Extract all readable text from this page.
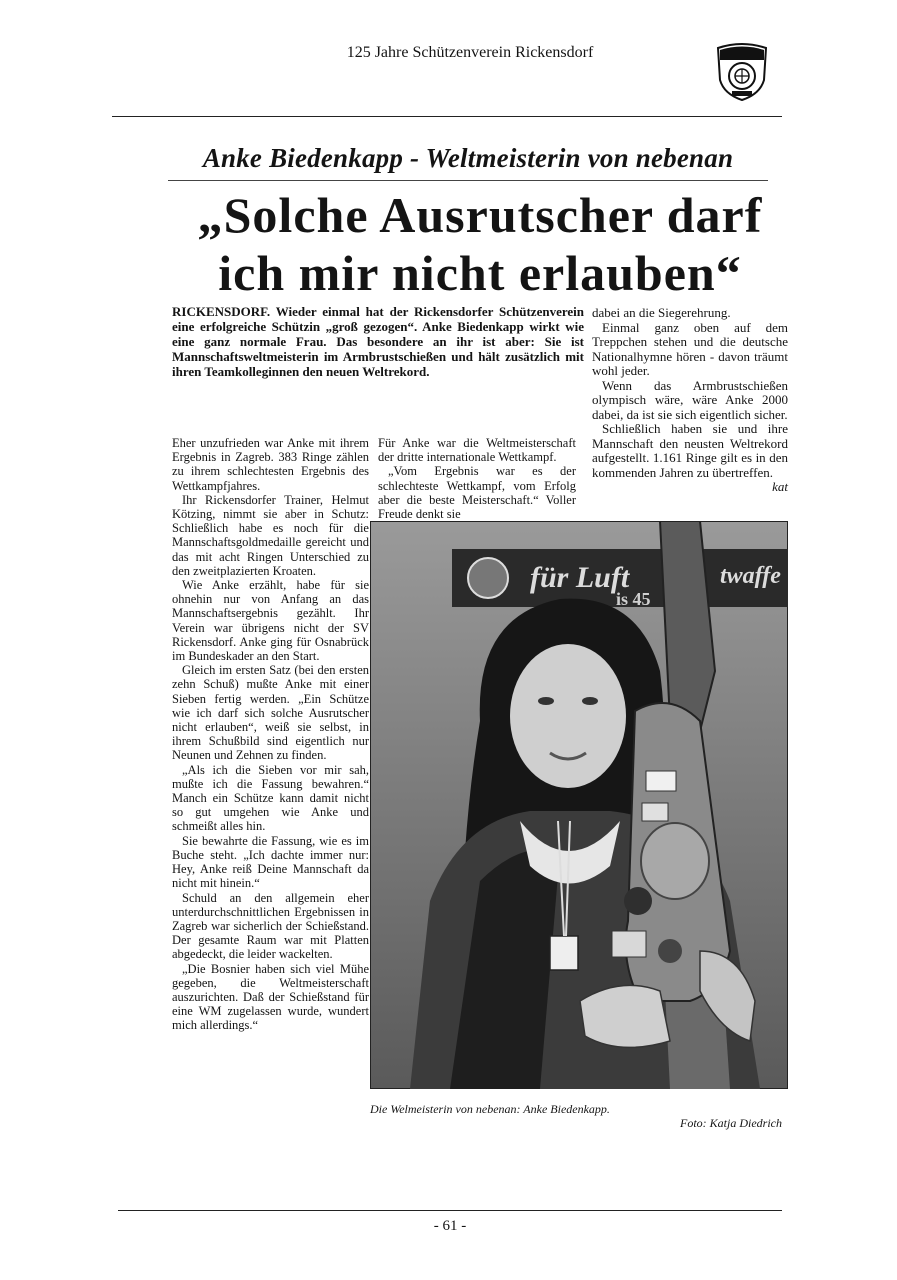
125 Jahre Schützenverein Rickensdorf
Anke Biedenkapp - Weltmeisterin von nebenan
„Solche Ausrutscher darf
ich mir nicht erlauben“
RICKENSDORF. Wieder einmal hat der Rickensdorfer Schützenverein eine erfolgreiche Schützin „groß gezogen“. Anke Biedenkapp wirkt wie eine ganz normale Frau. Das besondere an ihr ist aber: Sie ist Mannschaftsweltmeisterin im Armbrustschießen und hält zusätzlich mit ihren Teamkolleginnen den neuen Weltrekord.

Eher unzufrieden war Anke mit ihrem Ergebnis in Zagreb. 383 Ringe zählen zu ihrem schlechtesten Ergebnis des Wettkampfjahres.

Ihr Rickensdorfer Trainer, Helmut Kötzing, nimmt sie aber in Schutz: Schließlich habe es noch für die Mannschaftsgoldmedaille gereicht und das mit acht Ringen Unterschied zu den zweitplazierten Kroaten.

Wie Anke erzählt, habe für sie ohnehin nur von Anfang an das Mannschaftsergebnis gezählt. Ihr Verein war übrigens nicht der SV Rickensdorf. Anke ging für Osnabrück im Bundeskader an den Start.

Gleich im ersten Satz (bei den ersten zehn Schuß) mußte Anke mit einer Sieben fertig werden. „Ein Schütze wie ich darf sich solche Ausrutscher nicht erlauben“, weiß sie selbst, in ihrem Schußbild sind eigentlich nur Neunen und Zehnen zu finden.

„Als ich die Sieben vor mir sah, mußte ich die Fassung bewahren.“ Manch ein Schütze kann damit nicht so gut umgehen wie Anke und schmeißt alles hin.

Sie bewahrte die Fassung, wie es im Buche steht. „Ich dachte immer nur: Hey, Anke reiß Deine Mannschaft da nicht mit hinein.“

Schuld an den allgemein eher unterdurchschnittlichen Ergebnissen in Zagreb war sicherlich der Schießstand. Der gesamte Raum war mit Platten abgedeckt, die leider wackelten.

„Die Bosnier haben sich viel Mühe gegeben, die Weltmeisterschaft auszurichten. Daß der Schießstand für eine WM zugelassen wurde, wundert mich allerdings.“

Für Anke war die Weltmeisterschaft der dritte internationale Wettkampf.

„Vom Ergebnis war es der schlechteste Wettkampf, vom Erfolg aber die beste Meisterschaft.“ Voller Freude denkt sie

dabei an die Siegerehrung.

Einmal ganz oben auf dem Treppchen stehen und die deutsche Nationalhymne hören - davon träumt wohl jeder.

Wenn das Armbrustschießen olympisch wäre, wäre Anke 2000 dabei, da ist sie sich eigentlich sicher.

Schließlich haben sie und ihre Mannschaft den neusten Weltrekord aufgestellt. 1.161 Ringe gilt es in den kommenden Jahren zu übertreffen.

kat
für Luft	twaffe
is 45
Die Welmeisterin von nebenan: Anke Biedenkapp.
Foto: Katja Diedrich
- 61 -
